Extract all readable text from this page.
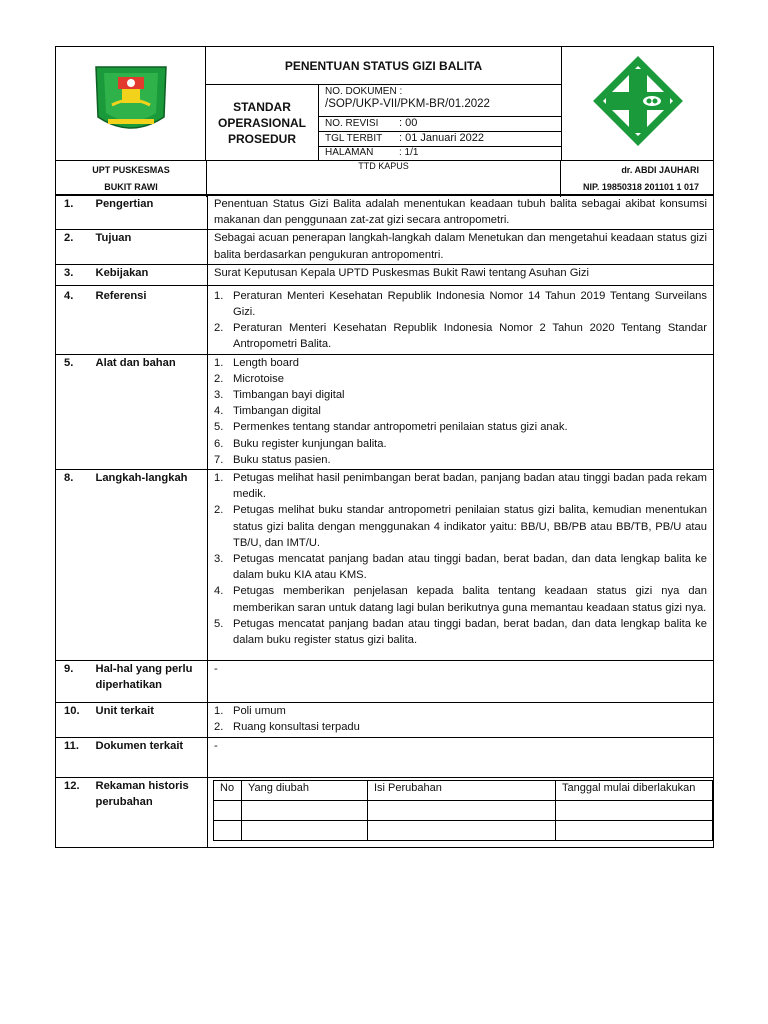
PENENTUAN STATUS GIZI BALITA
STANDAR
OPERASIONAL
PROSEDUR
NO. DOKUMEN :
/SOP/UKP-VII/PKM-BR/01.2022
NO. REVISI : 00
TGL TERBIT : 01 Januari 2022
HALAMAN	: 1/1
UPT PUSKESMAS
BUKIT RAWI
TTD KAPUS	dr. ABDI JAUHARI
NIP. 19850318 201101 1 017
1.	Pengertian	Penentuan Status Gizi Balita adalah menentukan keadaan tubuh balita sebagai akibat konsumsi makanan dan penggunaan zat-zat gizi secara antropometri.
2.	Tujuan	Sebagai acuan penerapan langkah-langkah dalam Menetukan dan mengetahui keadaan status gizi balita berdasarkan pengukuran antropomentri.
3.	Kebijakan	Surat Keputusan Kepala UPTD Puskesmas Bukit Rawi tentang Asuhan Gizi
4.	Referensi	1. Peraturan Menteri Kesehatan Republik Indonesia Nomor 14 Tahun 2019 Tentang Surveilans Gizi.
2. Peraturan Menteri Kesehatan Republik Indonesia Nomor 2 Tahun 2020 Tentang Standar Antropometri Balita.

5.	Alat dan bahan	1. Length board
2. Microtoise
3. Timbangan bayi digital
4. Timbangan digital
5. Permenkes tentang standar antropometri penilaian status gizi anak.
6. Buku register kunjungan balita.
7. Buku status pasien.

8.	Langkah-langkah	1. Petugas melihat hasil penimbangan berat badan, panjang badan atau tinggi badan pada rekam medik.
2. Petugas melihat buku standar antropometri penilaian status gizi balita, kemudian menentukan status gizi balita dengan menggunakan 4 indikator yaitu: BB/U, BB/PB atau BB/TB, PB/U atau TB/U, dan IMT/U.
3. Petugas mencatat panjang badan atau tinggi badan, berat badan, dan data lengkap balita ke dalam buku KIA atau KMS.
4. Petugas memberikan penjelasan kepada balita tentang keadaan status gizi nya dan memberikan saran untuk datang lagi bulan berikutnya guna memantau keadaan status gizi nya.
5. Petugas mencatat panjang badan atau tinggi badan, berat badan, dan data lengkap balita ke dalam buku register status gizi balita.

9.	Hal-hal yang perlu
diperhatikan
	-
10.	Unit terkait	1. Poli umum
2. Ruang konsultasi terpadu

11.	Dokumen terkait	-
12.	Rekaman historis
perubahan

No	Yang diubah	Isi Perubahan	Tanggal mulai diberlakukan
